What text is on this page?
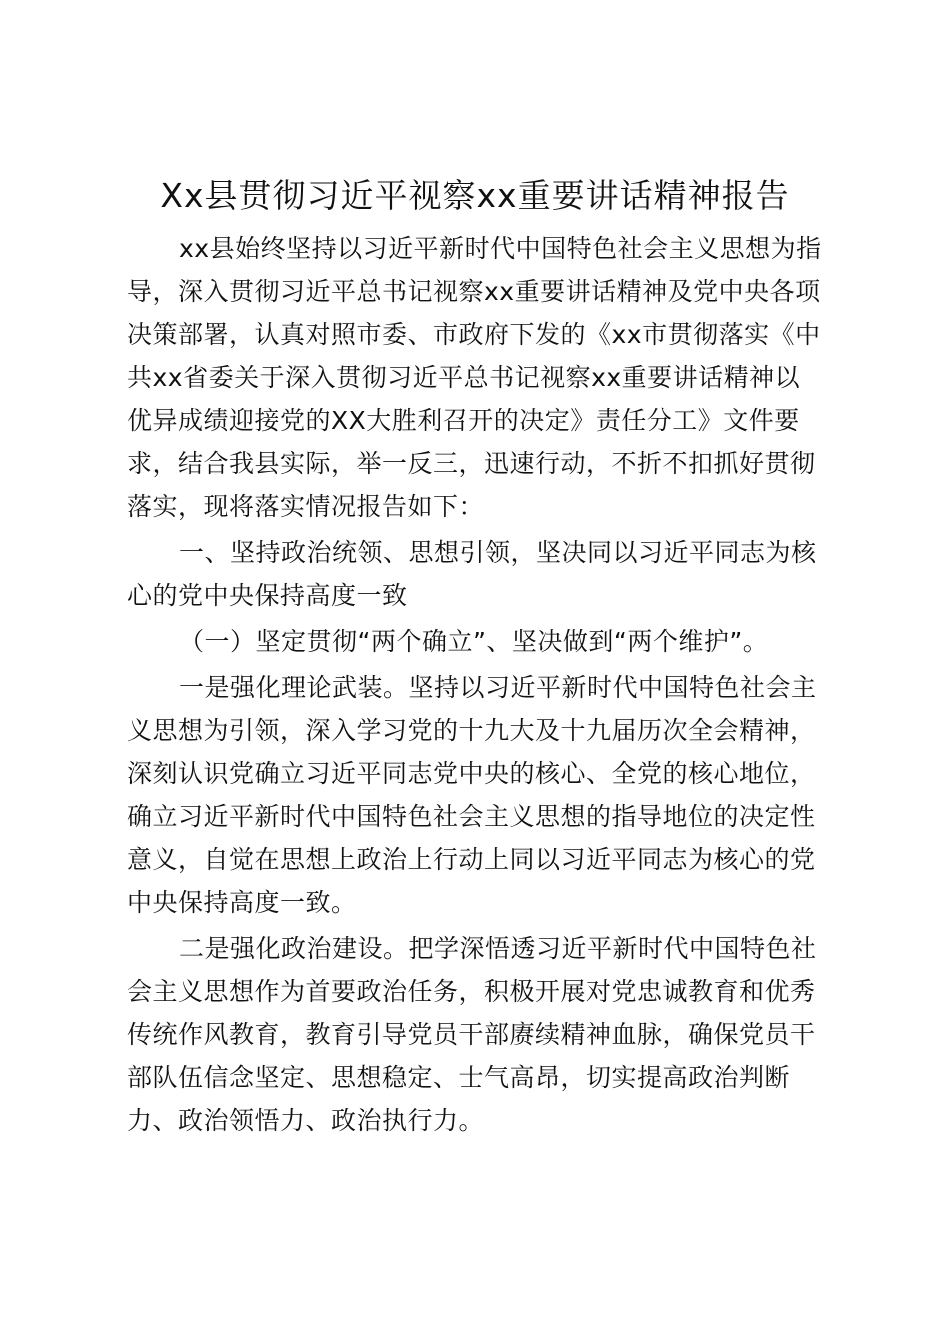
Xx县贯彻习近平视察xx重要讲话精神报告
xx县始终坚持以习近平新时代中国特色社会主义思想为指
导，深入贯彻习近平总书记视察xx重要讲话精神及党中央各项
决策部署，认真对照市委、市政府下发的《xx市贯彻落实《中
共xx省委关于深入贯彻习近平总书记视察xx重要讲话精神以
优异成绩迎接党的XX大胜利召开的决定》责任分工》文件要
求，结合我县实际，举一反三，迅速行动，不折不扣抓好贯彻
落实，现将落实情况报告如下：
一、坚持政治统领、思想引领，坚决同以习近平同志为核
心的党中央保持高度一致
（一）坚定贯彻“两个确立”、坚决做到“两个维护”。
一是强化理论武装。坚持以习近平新时代中国特色社会主
义思想为引领，深入学习党的十九大及十九届历次全会精神，
深刻认识党确立习近平同志党中央的核心、全党的核心地位，
确立习近平新时代中国特色社会主义思想的指导地位的决定性
意义，自觉在思想上政治上行动上同以习近平同志为核心的党
中央保持高度一致。
二是强化政治建设。把学深悟透习近平新时代中国特色社
会主义思想作为首要政治任务，积极开展对党忠诚教育和优秀
传统作风教育，教育引导党员干部赓续精神血脉，确保党员干
部队伍信念坚定、思想稳定、士气高昂，切实提高政治判断
力、政治领悟力、政治执行力。
